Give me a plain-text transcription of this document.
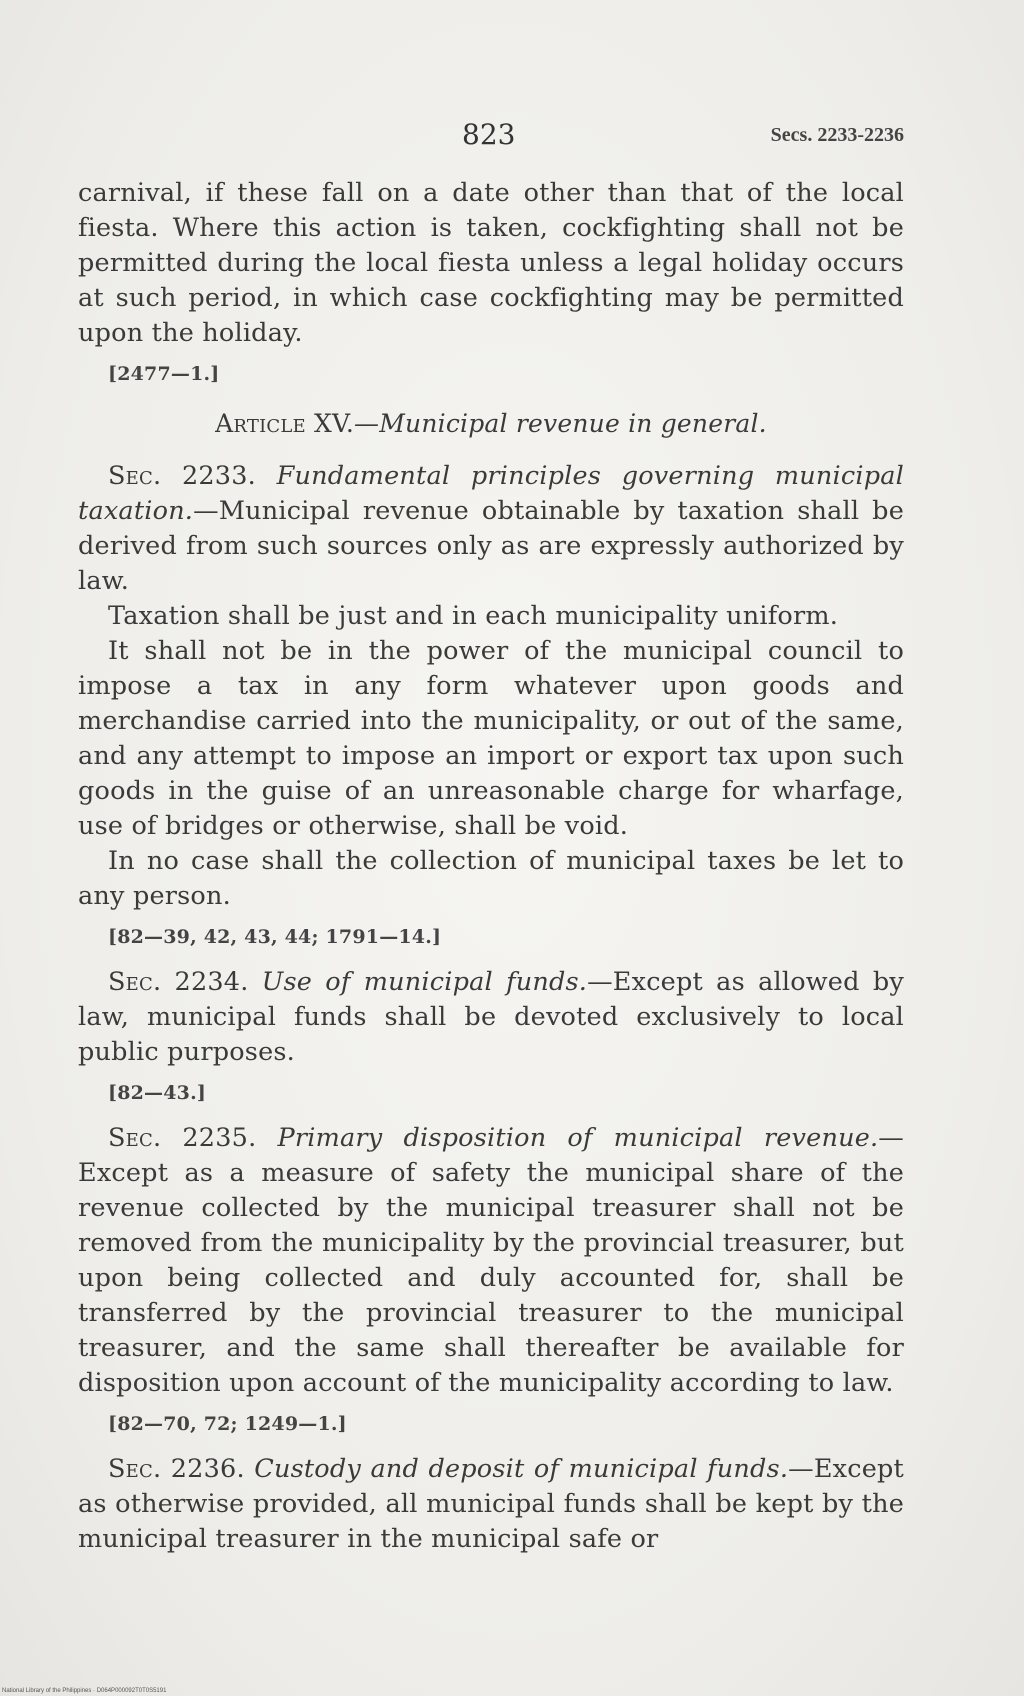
823	Secs. 2233-2236

carnival, if these fall on a date other than that of the local fiesta. Where this action is taken, cockfighting shall not be permitted during the local fiesta unless a legal holiday occurs at such period, in which case cockfighting may be permitted upon the holiday.

[2477—1.]

Article XV.—Municipal revenue in general.

Sec. 2233. Fundamental principles governing municipal taxation.—Municipal revenue obtainable by taxation shall be derived from such sources only as are expressly authorized by law.

Taxation shall be just and in each municipality uniform.

It shall not be in the power of the municipal council to impose a tax in any form whatever upon goods and merchandise carried into the municipality, or out of the same, and any attempt to impose an import or export tax upon such goods in the guise of an unreasonable charge for wharfage, use of bridges or otherwise, shall be void.

In no case shall the collection of municipal taxes be let to any person.

[82—39, 42, 43, 44; 1791—14.]

Sec. 2234. Use of municipal funds.—Except as allowed by law, municipal funds shall be devoted exclusively to local public purposes.

[82—43.]

Sec. 2235. Primary disposition of municipal revenue.— Except as a measure of safety the municipal share of the revenue collected by the municipal treasurer shall not be removed from the municipality by the provincial treasurer, but upon being collected and duly accounted for, shall be transferred by the provincial treasurer to the municipal treasurer, and the same shall thereafter be available for disposition upon account of the municipality according to law.

[82—70, 72; 1249—1.]

Sec. 2236. Custody and deposit of municipal funds.—Except as otherwise provided, all municipal funds shall be kept by the municipal treasurer in the municipal safe or

National Library of the Philippines · D064P000092T0T0S5191
